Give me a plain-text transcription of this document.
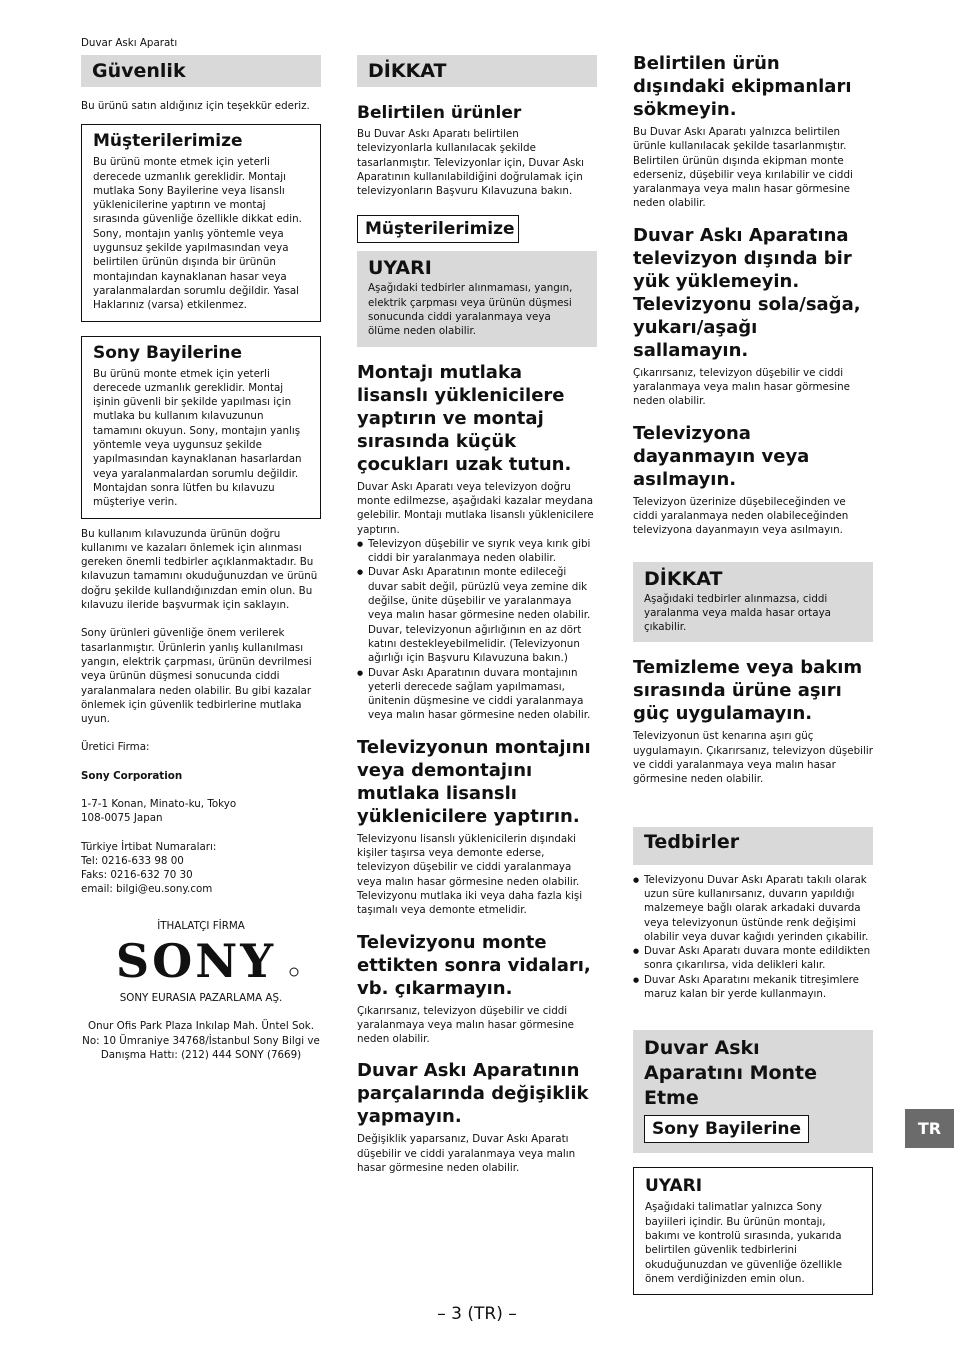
Duvar Askı Aparatı
Güvenlik

Bu ürünü satın aldığınız için teşekkür ederiz.

Müşterilerimize

Bu ürünü monte etmek için yeterli derecede uzmanlık gereklidir. Montajı mutlaka Sony Bayilerine veya lisanslı yüklenicilerine yaptırın ve montaj sırasında güvenliğe özellikle dikkat edin. Sony, montajın yanlış yöntemle veya uygunsuz şekilde yapılmasından veya belirtilen ürünün dışında bir ürünün montajından kaynaklanan hasar veya yaralanmalardan sorumlu değildir. Yasal Haklarınız (varsa) etkilenmez.

Sony Bayilerine

Bu ürünü monte etmek için yeterli derecede uzmanlık gereklidir. Montaj işinin güvenli bir şekilde yapılması için mutlaka bu kullanım kılavuzunun tamamını okuyun. Sony, montajın yanlış yöntemle veya uygunsuz şekilde yapılmasından kaynaklanan hasarlardan veya yaralanmalardan sorumlu değildir. Montajdan sonra lütfen bu kılavuzu müşteriye verin.

Bu kullanım kılavuzunda ürünün doğru kullanımı ve kazaları önlemek için alınması gereken önemli tedbirler açıklanmaktadır. Bu kılavuzun tamamını okuduğunuzdan ve ürünü doğru şekilde kullandığınızdan emin olun. Bu kılavuzu ileride başvurmak için saklayın.

Sony ürünleri güvenliğe önem verilerek tasarlanmıştır. Ürünlerin yanlış kullanılması yangın, elektrik çarpması, ürünün devrilmesi veya ürünün düşmesi sonucunda ciddi yaralanmalara neden olabilir. Bu gibi kazalar önlemek için güvenlik tedbirlerine mutlaka uyun.

Üretici Firma:

Sony Corporation

1-7-1 Konan, Minato-ku, Tokyo

108-0075 Japan

Türkiye İrtibat Numaraları:

Tel: 0216-633 98 00

Faks: 0216-632 70 30

email: bilgi@eu.sony.com

İTHALATÇI FİRMA

SONY

SONY EURASIA PAZARLAMA AŞ.

Onur Ofis Park Plaza Inkılap Mah. Üntel Sok. No: 10 Ümraniye 34768/İstanbul Sony Bilgi ve Danışma Hattı: (212) 444 SONY (7669)

DİKKAT
Belirtilen ürünler

Bu Duvar Askı Aparatı belirtilen televizyonlarla kullanılacak şekilde tasarlanmıştır. Televizyonlar için, Duvar Askı Aparatının kullanılabildiğini doğrulamak için televizyonların Başvuru Kılavuzuna bakın.

Müşterilerimize
UYARI

Aşağıdaki tedbirler alınmaması, yangın, elektrik çarpması veya ürünün düşmesi sonucunda ciddi yaralanmaya veya ölüme neden olabilir.

Montajı mutlaka lisanslı yüklenicilere yaptırın ve montaj sırasında küçük çocukları uzak tutun.

Duvar Askı Aparatı veya televizyon doğru monte edilmezse, aşağıdaki kazalar meydana gelebilir. Montajı mutlaka lisanslı yüklenicilere yaptırın.

● Televizyon düşebilir ve sıyrık veya kırık gibi ciddi bir yaralanmaya neden olabilir.
● Duvar Askı Aparatının monte edileceği duvar sabit değil, pürüzlü veya zemine dik değilse, ünite düşebilir ve yaralanmaya veya malın hasar görmesine neden olabilir. Duvar, televizyonun ağırlığının en az dört katını destekleyebilmelidir. (Televizyonun ağırlığı için Başvuru Kılavuzuna bakın.)
● Duvar Askı Aparatının duvara montajının yeterli derecede sağlam yapılmaması, ünitenin düşmesine ve ciddi yaralanmaya veya malın hasar görmesine neden olabilir.
Televizyonun montajını veya demontajını mutlaka lisanslı yüklenicilere yaptırın.

Televizyonu lisanslı yüklenicilerin dışındaki kişiler taşırsa veya demonte ederse, televizyon düşebilir ve ciddi yaralanmaya veya malın hasar görmesine neden olabilir. Televizyonu mutlaka iki veya daha fazla kişi taşımalı veya demonte etmelidir.

Televizyonu monte ettikten sonra vidaları, vb. çıkarmayın.

Çıkarırsanız, televizyon düşebilir ve ciddi yaralanmaya veya malın hasar görmesine neden olabilir.

Duvar Askı Aparatının parçalarında değişiklik yapmayın.

Değişiklik yaparsanız, Duvar Askı Aparatı düşebilir ve ciddi yaralanmaya veya malın hasar görmesine neden olabilir.

Belirtilen ürün dışındaki ekipmanları sökmeyin.

Bu Duvar Askı Aparatı yalnızca belirtilen ürünle kullanılacak şekilde tasarlanmıştır. Belirtilen ürünün dışında ekipman monte ederseniz, düşebilir veya kırılabilir ve ciddi yaralanmaya veya malın hasar görmesine neden olabilir.

Duvar Askı Aparatına televizyon dışında bir yük yüklemeyin. Televizyonu sola/sağa, yukarı/aşağı sallamayın.

Çıkarırsanız, televizyon düşebilir ve ciddi yaralanmaya veya malın hasar görmesine neden olabilir.

Televizyona dayanmayın veya asılmayın.

Televizyon üzerinize düşebileceğinden ve ciddi yaralanmaya neden olabileceğinden televizyona dayanmayın veya asılmayın.

DİKKAT

Aşağıdaki tedbirler alınmazsa, ciddi yaralanma veya malda hasar ortaya çıkabilir.

Temizleme veya bakım sırasında ürüne aşırı güç uygulamayın.

Televizyonun üst kenarına aşırı güç uygulamayın. Çıkarırsanız, televizyon düşebilir ve ciddi yaralanmaya veya malın hasar görmesine neden olabilir.

Tedbirler
● Televizyonu Duvar Askı Aparatı takılı olarak uzun süre kullanırsanız, duvarın yapıldığı malzemeye bağlı olarak arkadaki duvarda veya televizyonun üstünde renk değişimi olabilir veya duvar kağıdı yerinden çıkabilir.
● Duvar Askı Aparatı duvara monte edildikten sonra çıkarılırsa, vida delikleri kalır.
● Duvar Askı Aparatını mekanik titreşimlere maruz kalan bir yerde kullanmayın.
Duvar Askı Aparatını Monte Etme
Sony Bayilerine
UYARI

Aşağıdaki talimatlar yalnızca Sony bayiileri içindir. Bu ürünün montajı, bakımı ve kontrolü sırasında, yukarıda belirtilen güvenlik tedbirlerini okuduğunuzdan ve güvenliğe özellikle önem verdiğinizden emin olun.

TR
– 3 (TR) –
